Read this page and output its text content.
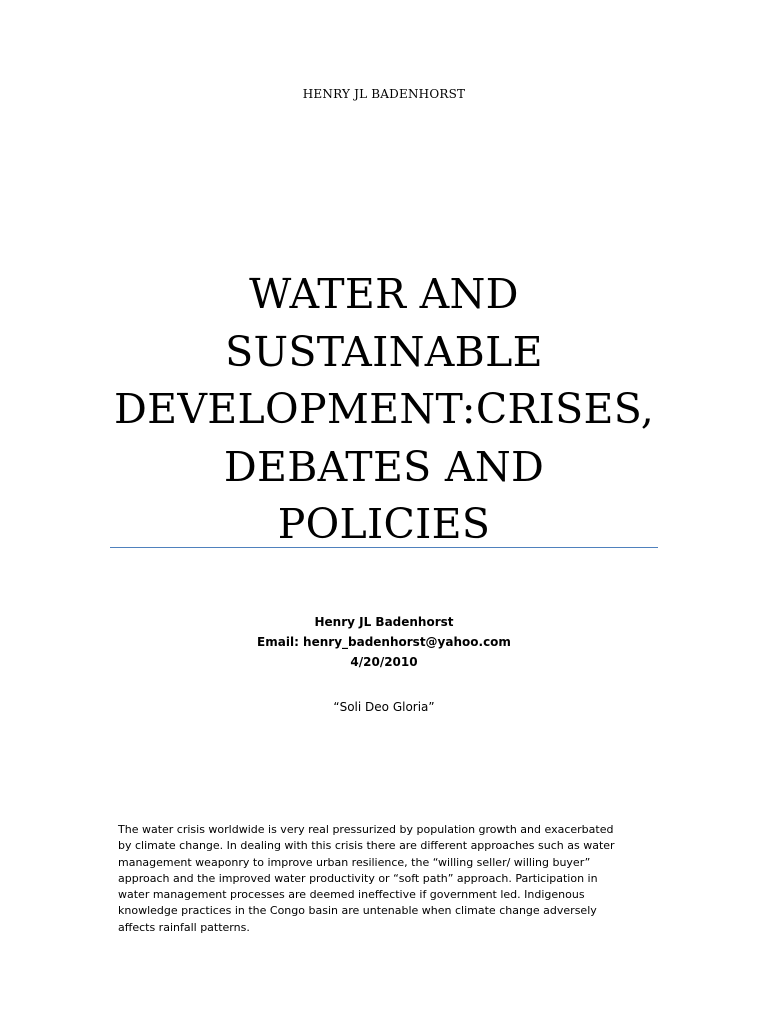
HENRY JL BADENHORST
WATER AND
SUSTAINABLE
DEVELOPMENT:CRISES,
DEBATES AND
POLICIES
Henry JL Badenhorst
Email: henry_badenhorst@yahoo.com
4/20/2010
“Soli Deo Gloria”
The water crisis worldwide is very real pressurized by population growth and exacerbated
by climate change. In dealing with this crisis there are different approaches such as water
management weaponry to improve urban resilience, the “willing seller/ willing buyer”
approach and the improved water productivity or “soft path” approach. Participation in
water management processes are deemed ineffective if government led. Indigenous
knowledge practices in the Congo basin are untenable when climate change adversely
affects rainfall patterns.
